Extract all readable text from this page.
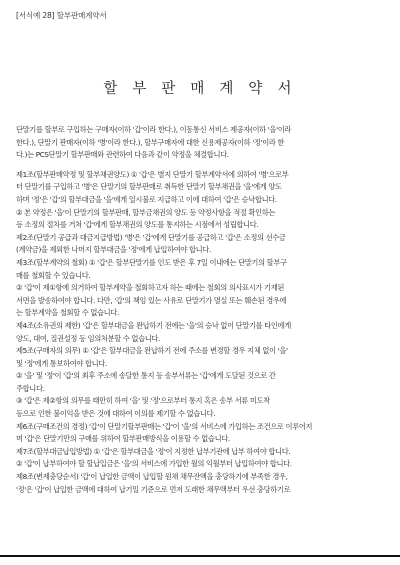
[서식예 28] 할부판매계약서
할 부 판 매 계 약 서
단말기를 할부로 구입하는 구매자(이하 '갑'이라 한다.), 이동통신 서비스 제공자(이하 '을'이라
한다.), 단말기 판매자(이하 '병'이라 한다.), 할부구매자에 대한 신용제공자(이하 '정'이라 한
다.)는 PCS단말기 할부판매와 관련하여 다음과 같이 약정을 체결합니다.
제1조(할부판매약정 및 할부채권양도) ① '갑'은 별지 단말기 할부계약서에 의하여 '병'으로부
터 단말기를 구입하고 '병'은 단말기의 할부판매로 취득한 단말기 할부채권을 '을'에게 양도
하며 '정'은 '갑'의 할부대금을 '을'에게 일시불로 지급하고 이에 대하여 '갑'은 승낙합니다.
② 본 약정은 '을'이 단말기의 할부판매, 할부금채권의 양도 등 약정사항을 적절 확인하는
등 소정의 절차를 거쳐 '갑'에게 할부채권의 양도를 통지하는 시점에서 성립합니다.
제2조(단말기 공급과 대금지급방법) '병'은 '갑'에게 단말기를 공급하고 '갑'은 소정의 선수금
(계약금)을 제외한 나머지 할부대금을 '정'에게 납입하여야 합니다.
제3조(할부계약의 철회) ① '갑'은 할부단말기를 인도 받은 후 7일 이내에는 단말기의 할부구
매를 철회할 수 있습니다.
② '갑'이 제①항에 의거하여 할부계약을 철회하고자 하는 때에는 철회의 의사표시가 기재된
서면을 발송하여야 합니다. 다만, '갑'의 책임 있는 사유로 단말기가 멸실 또는 훼손된 경우에
는 할부계약을 철회할 수 없습니다.
제4조(소유권의 제한) '갑'은 할부대금을 완납하기 전에는 '을'의 승낙 없이 단말기를 타인에게
양도, 대여, 질권설정 등 임의처분할 수 없습니다.
제5조(구매자의 의무) ① '갑'은 할부대금을 완납하기 전에 주소를 변경할 경우 지체 없이 '을'
및 '정'에게 통보하여야 합니다.
② '을' 및 '정'이 '갑'의 최후 주소에 송달한 통지 등 송부서류는 '갑'에게 도달된 것으로 간
주합니다.
③ '갑'은 제②항의 의무를 태만히 하여 '을' 및 '정'으로부터 통지 혹은 송부 서류 미도착
등으로 인한 불이익을 받은 것에 대하여 이의를 제기할 수 없습니다.
제6조(구매조건의 경정) '갑'이 단말기할부판매는 '갑'이 '을'의 서비스에 가입하는 조건으로 이루어지
며 '갑'은 단말기만의 구매를 위하여 할부판매방식을 이용할 수 없습니다.
제7조(할부대금납입방법) ① '갑'은 할부대금을 '정'이 지정한 납부기관에 납부 하여야 합니다.
② '갑'이 납부하여야 할 할납입금은 '을'의 서비스에 가입한 월의 익월부터 납입하여야 합니다.
제8조(변제충당순서) '갑'이 납입한 금액이 납입할 원채 채무잔액을 충당하기에 부족한 경우,
'정'은 '갑'이 납입한 금액에 대하여 납기일 기준으로 먼저 도래한 채무액부터 우선 충당하기로
